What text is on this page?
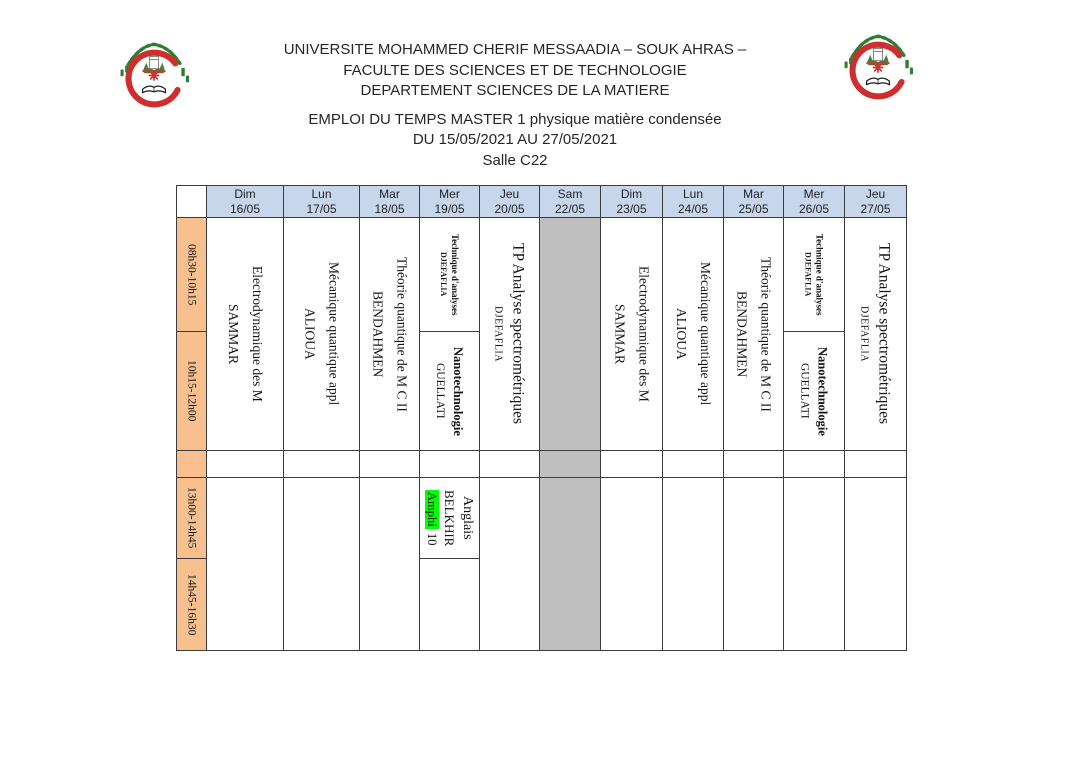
UNIVERSITE MOHAMMED CHERIF MESSAADIA – SOUK AHRAS –
FACULTE DES SCIENCES ET DE TECHNOLOGIE
DEPARTEMENT SCIENCES DE LA MATIERE
EMPLOI DU TEMPS MASTER 1 physique matière condensée
DU 15/05/2021 AU 27/05/2021
Salle C22
08h30-10h15
10h15-12h00
13h00-14h45
14h45-16h30
Dim
16/05
Electrodynamique des M
SAMMAR
Lun
17/05
Mécanique quantique appl
ALIOUA
Mar
18/05
Théorie quantique de M C II
BENDAHMEN
Mer
19/05
Technique d'analyses
DJEFAFLIA
Nanotechnologie
GUELLATI
Anglais
BELKHIR
Amphi10
Jeu
20/05
TP Analyse spectrométriques
DJEFAFLIA
Sam
22/05
Dim
23/05
Electrodynamique des M
SAMMAR
Lun
24/05
Mécanique quantique appl
ALIOUA
Mar
25/05
Théorie quantique de M C II
BENDAHMEN
Mer
26/05
Technique d'analyses
DJEFAFLIA
Nanotechnologie
GUELLATI
Jeu
27/05
TP Analyse spectrométriques
DJEFAFLIA
